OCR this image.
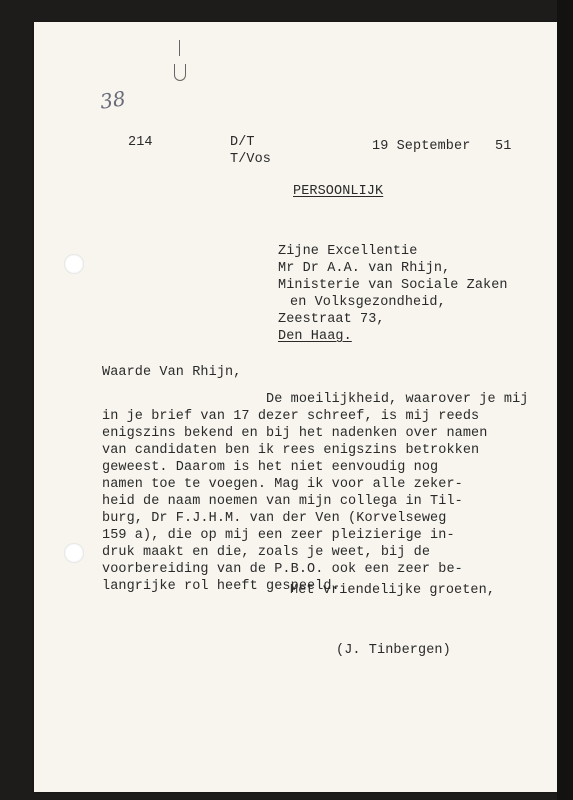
38
214	D/T
T/Vos
19 September 51
PERSOONLIJK
Zijne Excellentie
Mr Dr A.A. van Rhijn,
Ministerie van Sociale Zaken
en Volksgezondheid,
Zeestraat 73,
Den Haag.
Waarde Van Rhijn,
De moeilijkheid, waarover je mij
in je brief van 17 dezer schreef, is mij reeds
enigszins bekend en bij het nadenken over namen
van candidaten ben ik rees enigszins betrokken
geweest. Daarom is het niet eenvoudig nog
namen toe te voegen. Mag ik voor alle zeker-
heid de naam noemen van mijn collega in Til-
burg, Dr F.J.H.M. van der Ven (Korvelseweg
159 a), die op mij een zeer pleizierige in-
druk maakt en die, zoals je weet, bij de
voorbereiding van de P.B.O. ook een zeer be-
langrijke rol heeft gespeeld.
Met vriendelijke groeten,
(J. Tinbergen)
